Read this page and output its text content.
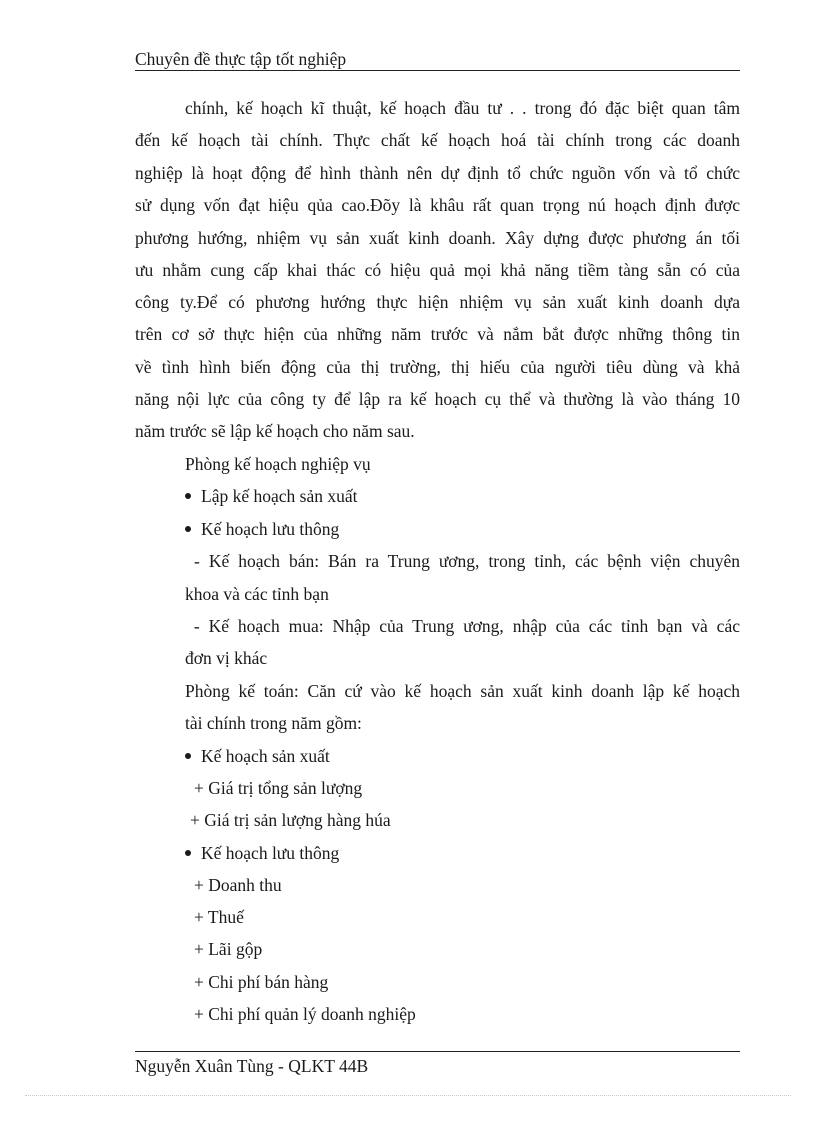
Chuyên đề thực tập tốt nghiệp
chính, kế hoạch kĩ thuật, kế hoạch đầu tư . . trong đó đặc biệt quan tâm
đến kế hoạch tài chính. Thực chất kế hoạch hoá tài chính trong các doanh
nghiệp là hoạt động để hình thành nên dự định tổ chức nguồn vốn và tổ chức
sử dụng vốn đạt hiệu qủa cao.Đõy là khâu rất quan trọng nú hoạch định được
phương hướng, nhiệm vụ sản xuất kinh doanh. Xây dựng được phương án tối
ưu nhằm cung cấp khai thác có hiệu quả mọi khả năng tiềm tàng sẵn có của
công ty.Để có phương hướng thực hiện nhiệm vụ sản xuất kinh doanh dựa
trên cơ sở thực hiện của những năm trước và nắm bắt được những thông tin
về tình hình biến động của thị trường, thị hiếu của người tiêu dùng và khả
năng nội lực của công ty để lập ra kế hoạch cụ thể và thường là vào tháng 10
năm trước sẽ lập kế hoạch cho năm sau.
Phòng kế hoạch nghiệp vụ
Lập kế hoạch sản xuất
Kế hoạch lưu thông
- Kế hoạch bán: Bán ra Trung ương, trong tỉnh, các bệnh viện chuyên
khoa và các tỉnh bạn
- Kế hoạch mua: Nhập của Trung ương, nhập của các tỉnh bạn và các
đơn vị khác
Phòng kế toán: Căn cứ vào kế hoạch sản xuất kinh doanh lập kế hoạch
tài chính trong năm gồm:
Kế hoạch sản xuất
+ Giá trị tổng sản lượng
+ Giá trị sản lượng hàng húa
Kế hoạch lưu thông
+ Doanh thu
+ Thuế
+ Lãi gộp
+ Chi phí bán hàng
+ Chi phí quản lý doanh nghiệp
Nguyễn Xuân Tùng - QLKT 44B
